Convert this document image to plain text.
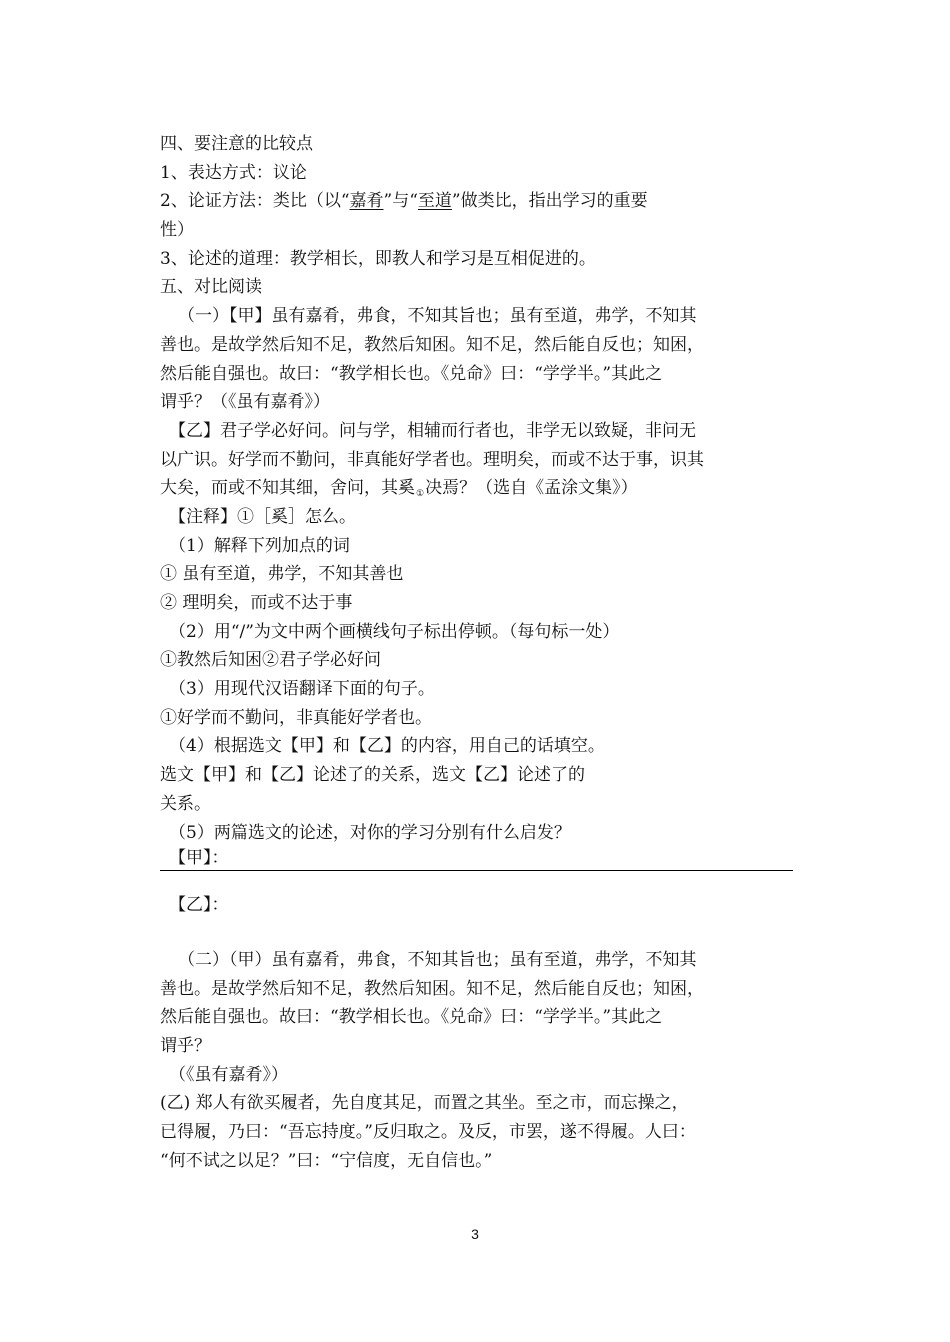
四、要注意的比较点
1、表达方式：议论
2、论证方法：类比（以“嘉肴”与“至道”做类比，指出学习的重要
性）
3、论述的道理：教学相长，即教人和学习是互相促进的。
五、对比阅读
（一）【甲】虽有嘉肴，弗食，不知其旨也；虽有至道，弗学，不知其
善也。是故学然后知不足，教然后知困。知不足，然后能自反也；知困，
然后能自强也。故曰：“教学相长也。《兑命》曰：“学学半。”其此之
谓乎？（《虽有嘉肴》）
【乙】君子学必好问。问与学，相辅而行者也，非学无以致疑，非问无
以广识。好学而不勤问，非真能好学者也。理明矣，而或不达于事，识其
大矣，而或不知其细，舍问，其奚①决焉？（选自《孟涂文集》）
【注释】①［奚］怎么。
（1）解释下列加点的词
① 虽有至道，弗学，不知其善也
② 理明矣，而或不达于事
（2）用“/”为文中两个画横线句子标出停顿。（每句标一处）
①教然后知困②君子学必好问
（3）用现代汉语翻译下面的句子。
①好学而不勤问，非真能好学者也。
（4）根据选文【甲】和【乙】的内容，用自己的话填空。
选文【甲】和【乙】论述了的关系，选文【乙】论述了的
关系。
（5）两篇选文的论述，对你的学习分别有什么启发？
【甲】：
【乙】：
（二）（甲）虽有嘉肴，弗食，不知其旨也；虽有至道，弗学，不知其
善也。是故学然后知不足，教然后知困。知不足，然后能自反也；知困，
然后能自强也。故曰：“教学相长也。《兑命》曰：“学学半。”其此之
谓乎？
（《虽有嘉肴》）
(乙) 郑人有欲买履者，先自度其足，而置之其坐。至之市，而忘操之，
已得履，乃曰：“吾忘持度。”反归取之。及反，市罢，遂不得履。人曰：
“何不试之以足？”曰：“宁信度，无自信也。”
3
